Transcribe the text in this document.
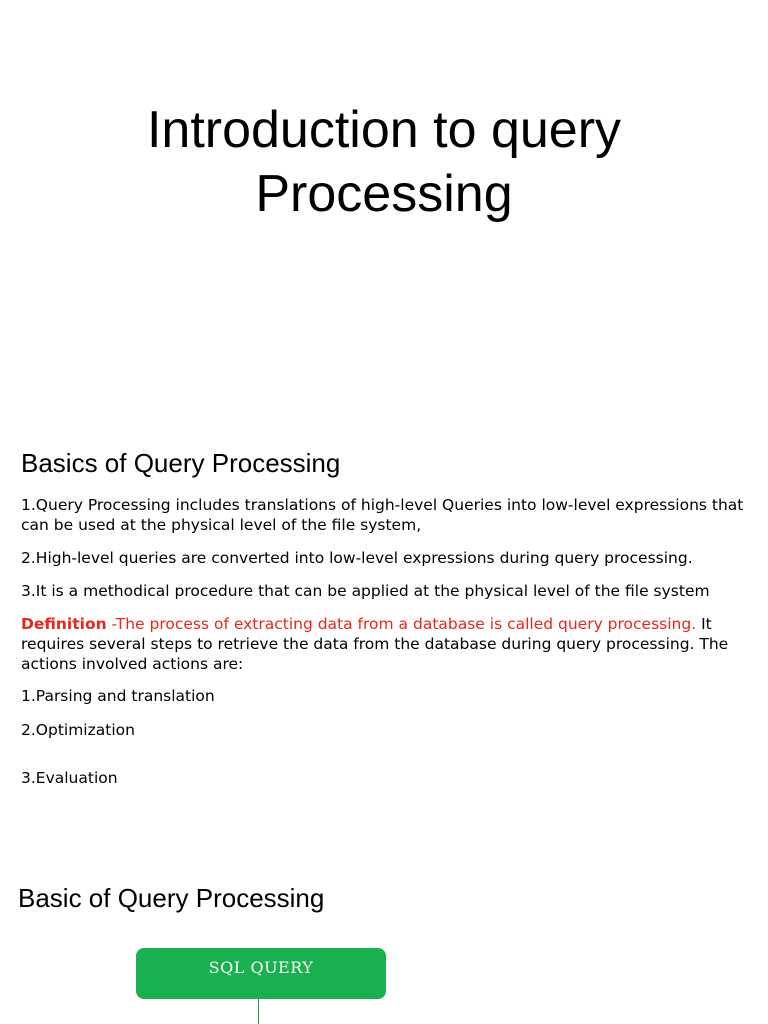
Introduction to query
Processing
Basics of Query Processing

1.Query Processing includes translations of high-level Queries into low-level expressions that can be used at the physical level of the file system,

2.High-level queries are converted into low-level expressions during query processing.

3.It is a methodical procedure that can be applied at the physical level of the file system

Definition -The process of extracting data from a database is called query processing. It requires several steps to retrieve the data from the database during query processing. The actions involved actions are:

1.Parsing and translation

2.Optimization

3.Evaluation

Basic of Query Processing
SQL QUERY
